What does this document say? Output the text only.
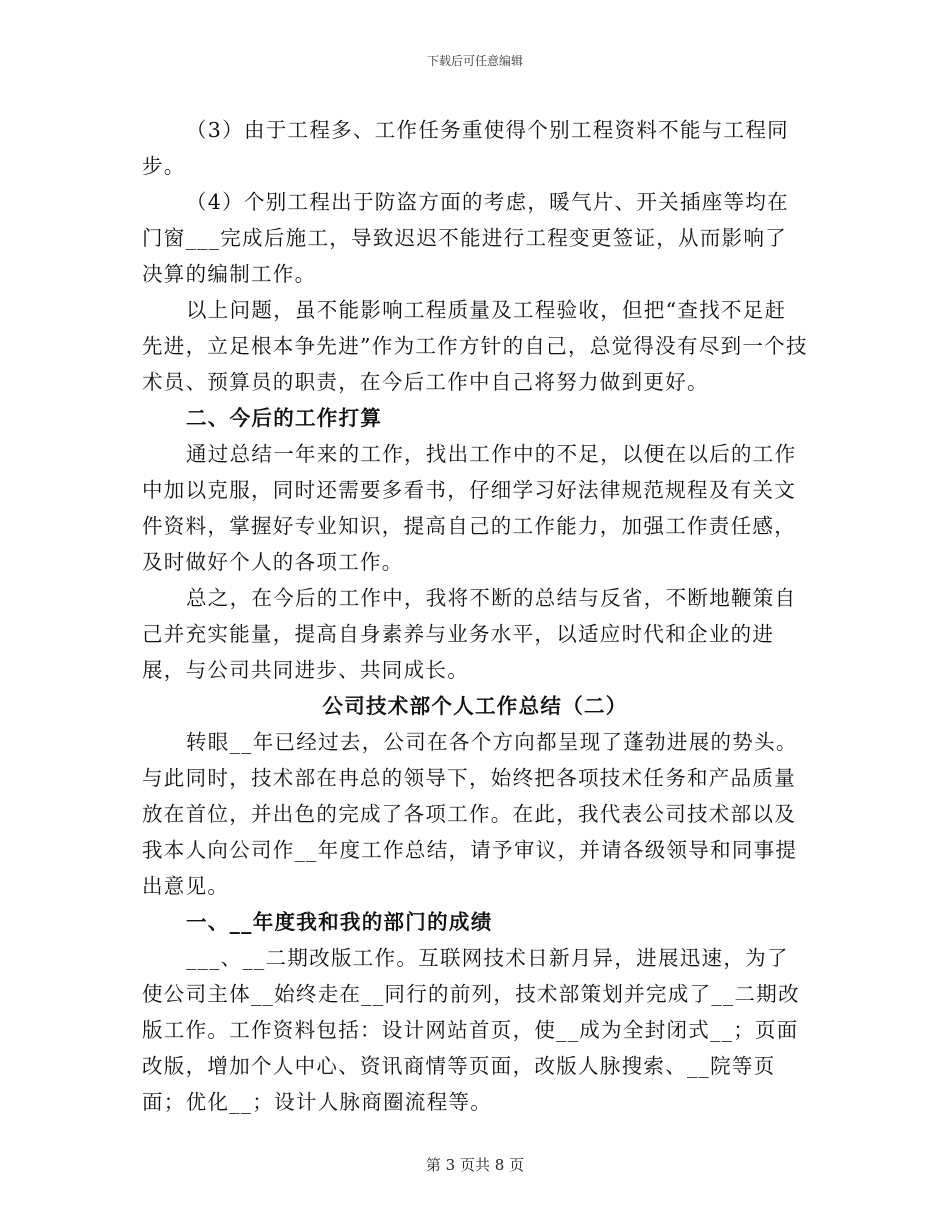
下载后可任意编辑

（3）由于工程多、工作任务重使得个别工程资料不能与工程同步。

（4）个别工程出于防盗方面的考虑，暖气片、开关插座等均在门窗___完成后施工，导致迟迟不能进行工程变更签证，从而影响了决算的编制工作。

以上问题，虽不能影响工程质量及工程验收，但把“查找不足赶先进，立足根本争先进”作为工作方针的自己，总觉得没有尽到一个技术员、预算员的职责，在今后工作中自己将努力做到更好。

二、今后的工作打算

通过总结一年来的工作，找出工作中的不足，以便在以后的工作中加以克服，同时还需要多看书，仔细学习好法律规范规程及有关文件资料，掌握好专业知识，提高自己的工作能力，加强工作责任感，及时做好个人的各项工作。

总之，在今后的工作中，我将不断的总结与反省，不断地鞭策自己并充实能量，提高自身素养与业务水平，以适应时代和企业的进展，与公司共同进步、共同成长。

公司技术部个人工作总结（二）

转眼__年已经过去，公司在各个方向都呈现了蓬勃进展的势头。与此同时，技术部在冉总的领导下，始终把各项技术任务和产品质量放在首位，并出色的完成了各项工作。在此，我代表公司技术部以及我本人向公司作__年度工作总结，请予审议，并请各级领导和同事提出意见。

一、__年度我和我的部门的成绩

___、__二期改版工作。互联网技术日新月异，进展迅速，为了使公司主体__始终走在__同行的前列，技术部策划并完成了__二期改版工作。工作资料包括：设计网站首页，使__成为全封闭式__；页面改版，增加个人中心、资讯商情等页面，改版人脉搜索、__院等页面；优化__；设计人脉商圈流程等。

第 3 页共 8 页
